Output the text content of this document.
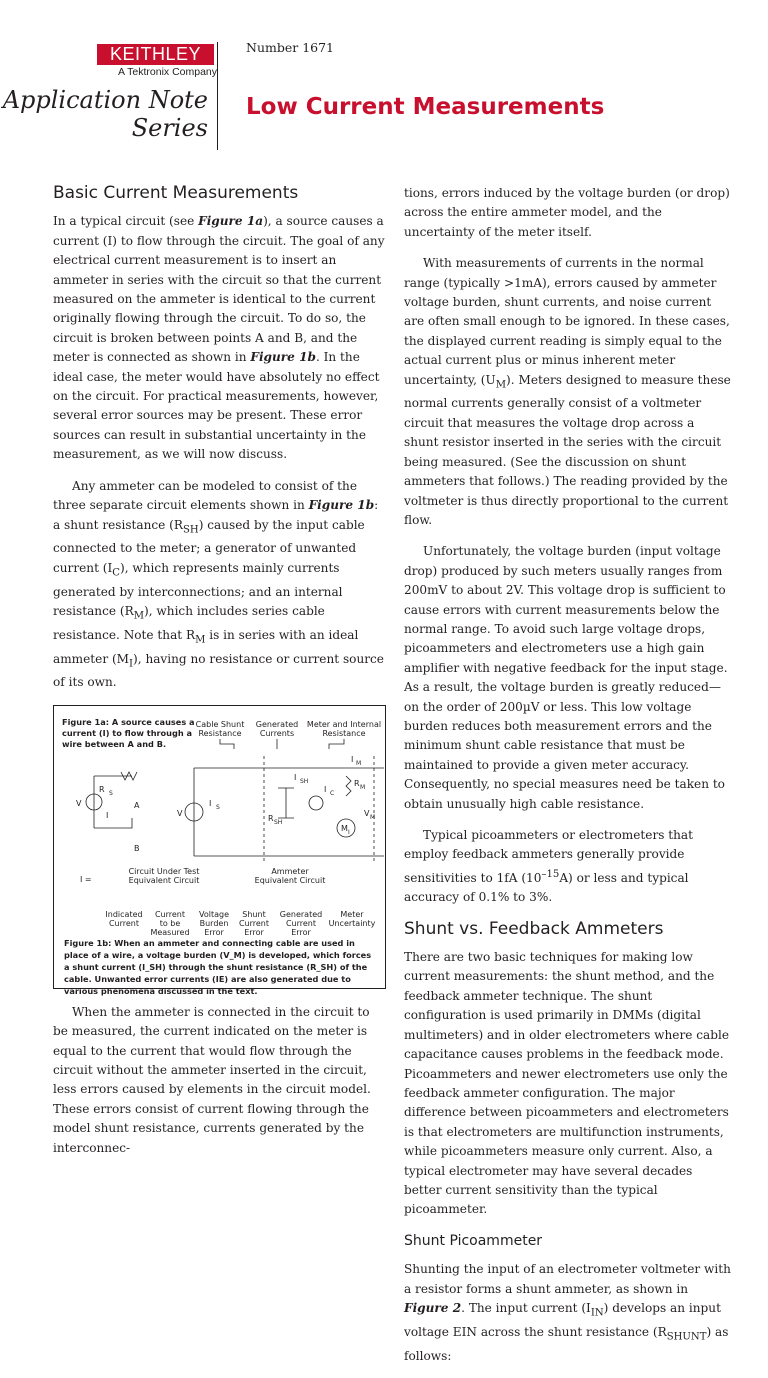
KEITHLEY
A Tektronix Company
Number 1671
Application Note
Series
Low Current Measurements
Basic Current Measurements

In a typical circuit (see Figure 1a), a source causes a current (I) to flow through the circuit. The goal of any electrical current measurement is to insert an ammeter in series with the circuit so that the current measured on the ammeter is identical to the current originally flowing through the circuit. To do so, the circuit is broken between points A and B, and the meter is connected as shown in Figure 1b. In the ideal case, the meter would have absolutely no effect on the circuit. For practical measurements, however, several error sources may be present. These error sources can result in substantial uncertainty in the measurement, as we will now discuss.

Any ammeter can be modeled to consist of the three separate circuit elements shown in Figure 1b: a shunt resistance $(R_{SH})$ caused by the input cable connected to the meter; a generator of unwanted current $(I_C)$, which represents mainly currents generated by interconnections; and an internal resistance $(R_M)$, which includes series cable resistance. Note that $R_M$ is in series with an ideal ammeter $(M_I)$, having no resistance or current source of its own.

Figure 1a: A source causes a
current (I) to flow through a
wire between A and B.
Cable Shunt
Resistance
Generated
Currents
Meter and Internal
Resistance
R S
A
B
V
I
I S
V
I SH
I C
R M
V M
I M
R SH
M I
I =
Circuit Under Test
Equivalent Circuit
Ammeter
Equivalent Circuit
Indicated
Current
Current
to be
Measured
Voltage
Burden
Error
Shunt
Current
Error
Generated
Current
Error
Meter
Uncertainty
Figure 1b: When an ammeter and connecting cable are used in place of a wire, a voltage burden (V_M) is developed, which forces a shunt current (I_SH) through the shunt resistance (R_SH) of the cable. Unwanted error currents (IE) are also generated due to various phenomena discussed in the text.

When the ammeter is connected in the circuit to be measured, the current indicated on the meter is equal to the current that would flow through the circuit without the ammeter inserted in the circuit, less errors caused by elements in the circuit model. These errors consist of current flowing through the model shunt resistance, currents generated by the interconnec-

tions, errors induced by the voltage burden (or drop) across the entire ammeter model, and the uncertainty of the meter itself.

With measurements of currents in the normal range (typically >1mA), errors caused by ammeter voltage burden, shunt currents, and noise current are often small enough to be ignored. In these cases, the displayed current reading is simply equal to the actual current plus or minus inherent meter uncertainty, $(U_M)$. Meters designed to measure these normal currents generally consist of a voltmeter circuit that measures the voltage drop across a shunt resistor inserted in the series with the circuit being measured. (See the discussion on shunt ammeters that follows.) The reading provided by the voltmeter is thus directly proportional to the current flow.

Unfortunately, the voltage burden (input voltage drop) produced by such meters usually ranges from 200mV to about 2V. This voltage drop is sufficient to cause errors with current measurements below the normal range. To avoid such large voltage drops, picoammeters and electrometers use a high gain amplifier with negative feedback for the input stage. As a result, the voltage burden is greatly reduced—on the order of 200µV or less. This low voltage burden reduces both measurement errors and the minimum shunt cable resistance that must be maintained to provide a given meter accuracy. Consequently, no special measures need be taken to obtain unusually high cable resistance.

Typical picoammeters or electrometers that employ feedback ammeters generally provide sensitivities to 1fA $(10^{-15}A)$ or less and typical accuracy of 0.1% to 3%.

Shunt vs. Feedback Ammeters

There are two basic techniques for making low current measurements: the shunt method, and the feedback ammeter technique. The shunt configuration is used primarily in DMMs (digital multimeters) and in older electrometers where cable capacitance causes problems in the feedback mode. Picoammeters and newer electrometers use only the feedback ammeter configuration. The major difference between picoammeters and electrometers is that electrometers are multifunction instruments, while picoammeters measure only current. Also, a typical electrometer may have several decades better current sensitivity than the typical picoammeter.

Shunt Picoammeter

Shunting the input of an electrometer voltmeter with a resistor forms a shunt ammeter, as shown in Figure 2. The input current $(I_{IN})$ develops an input voltage EIN across the shunt resistance $(R_{SHUNT})$ as follows:
